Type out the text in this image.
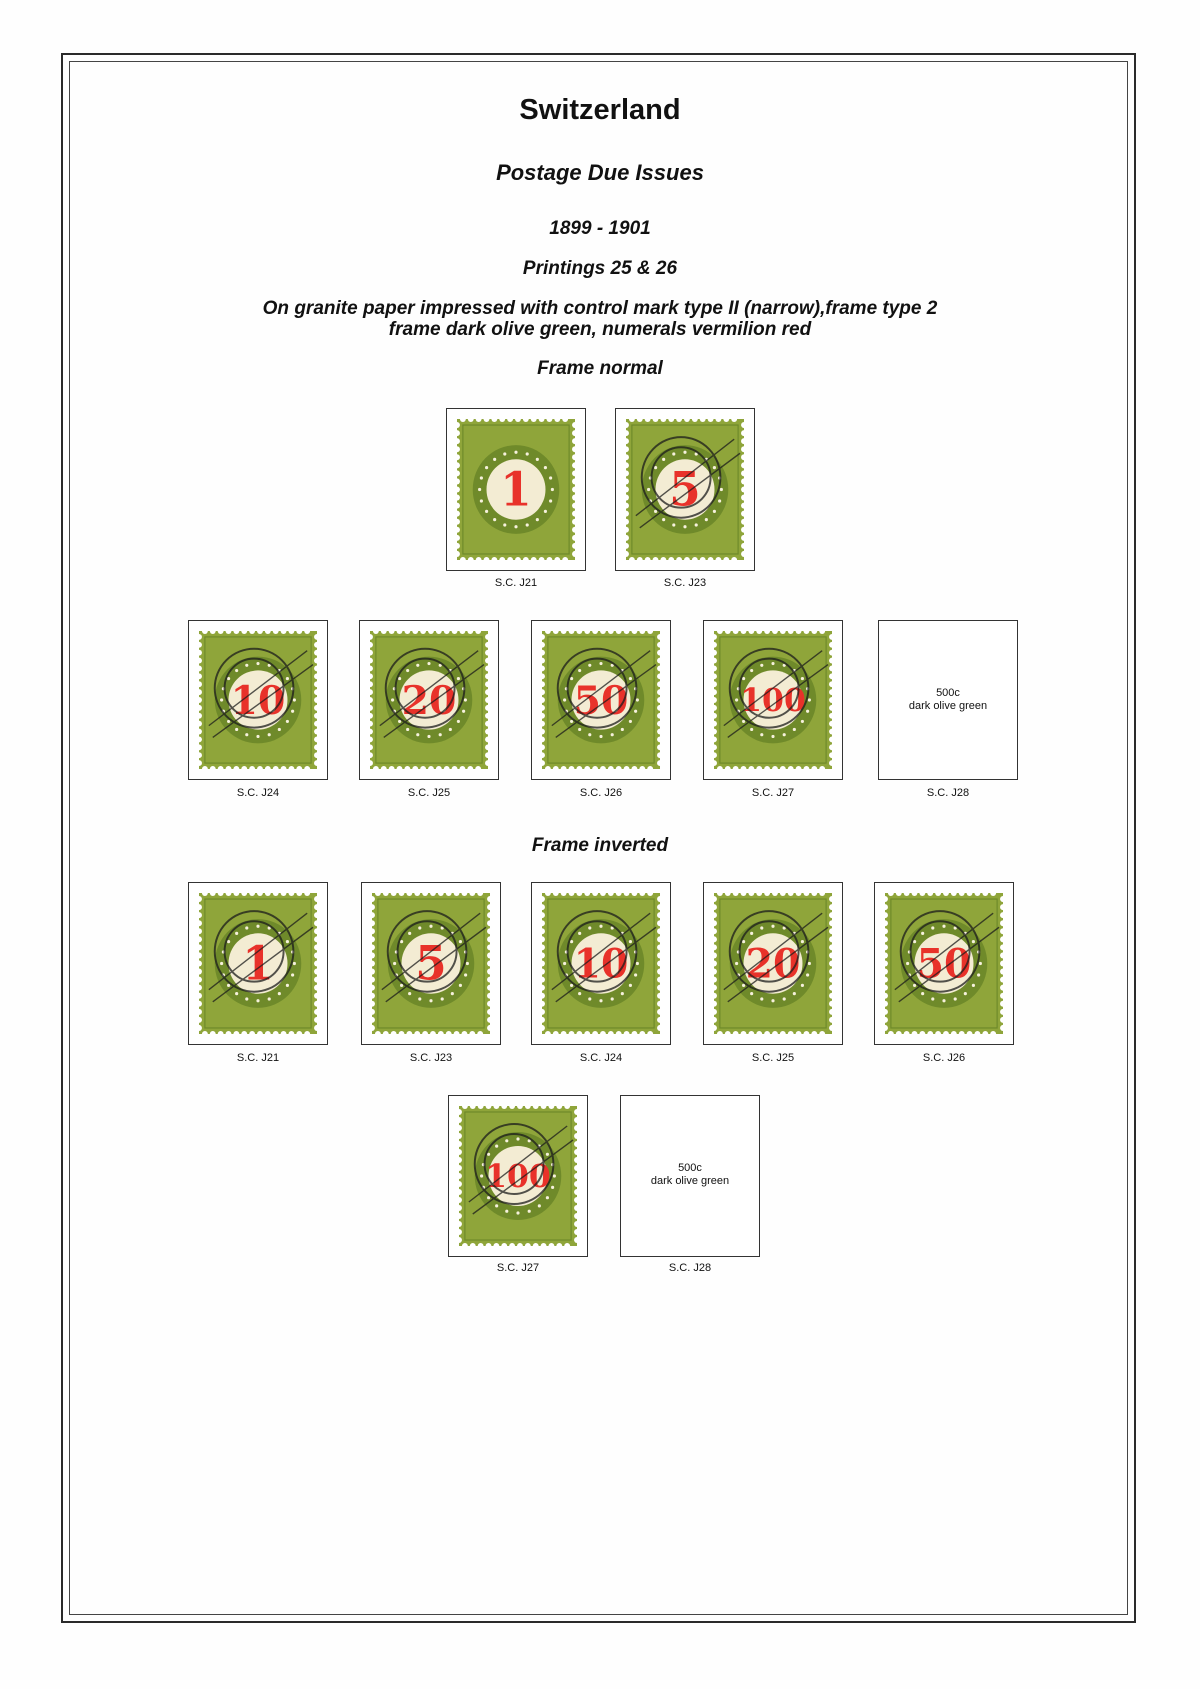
Switzerland
Postage Due Issues
1899 - 1901
Printings 25 & 26
On granite paper impressed with control mark type II (narrow),frame type 2
frame dark olive green, numerals vermilion red
Frame normal
1
S.C. J21
5
S.C. J23
10
S.C. J24
20
S.C. J25
50
S.C. J26
100
S.C. J27
500c
dark olive green
S.C. J28
Frame inverted
1
S.C. J21
5
S.C. J23
10
S.C. J24
20
S.C. J25
50
S.C. J26
100
S.C. J27
500c
dark olive green
S.C. J28
